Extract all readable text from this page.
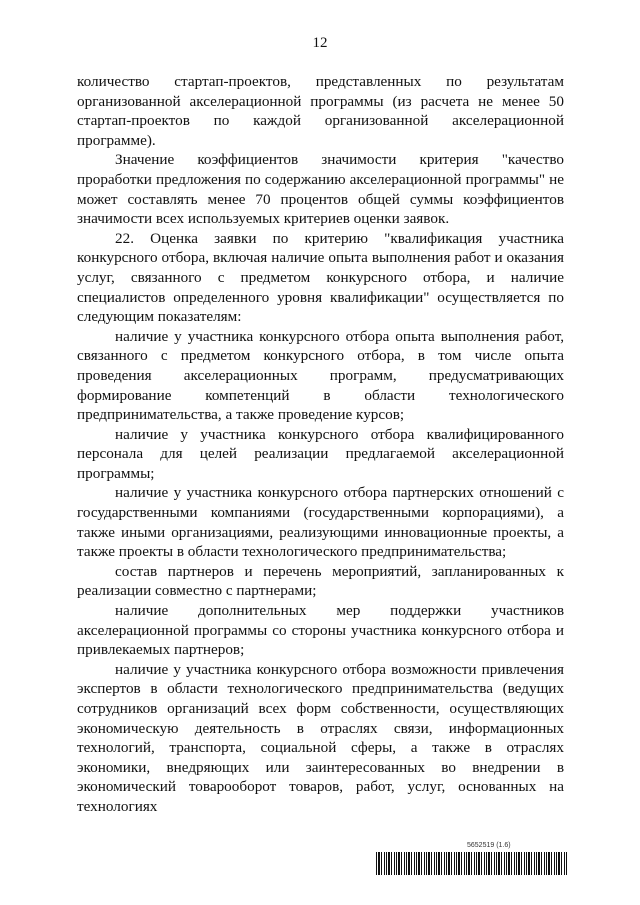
12

количество стартап-проектов, представленных по результатам организованной акселерационной программы (из расчета не менее 50 стартап-проектов по каждой организованной акселерационной программе).

Значение коэффициентов значимости критерия "качество проработки предложения по содержанию акселерационной программы" не может составлять менее 70 процентов общей суммы коэффициентов значимости всех используемых критериев оценки заявок.

22. Оценка заявки по критерию "квалификация участника конкурсного отбора, включая наличие опыта выполнения работ и оказания услуг, связанного с предметом конкурсного отбора, и наличие специалистов определенного уровня квалификации" осуществляется по следующим показателям:

наличие у участника конкурсного отбора опыта выполнения работ, связанного с предметом конкурсного отбора, в том числе опыта проведения акселерационных программ, предусматривающих формирование компетенций в области технологического предпринимательства, а также проведение курсов;

наличие у участника конкурсного отбора квалифицированного персонала для целей реализации предлагаемой акселерационной программы;

наличие у участника конкурсного отбора партнерских отношений с государственными компаниями (государственными корпорациями), а также иными организациями, реализующими инновационные проекты, а также проекты в области технологического предпринимательства;

состав партнеров и перечень мероприятий, запланированных к реализации совместно с партнерами;

наличие дополнительных мер поддержки участников акселерационной программы со стороны участника конкурсного отбора и привлекаемых партнеров;

наличие у участника конкурсного отбора возможности привлечения экспертов в области технологического предпринимательства (ведущих сотрудников организаций всех форм собственности, осуществляющих экономическую деятельность в отраслях связи, информационных технологий, транспорта, социальной сферы, а также в отраслях экономики, внедряющих или заинтересованных во внедрении в экономический товарооборот товаров, работ, услуг, основанных на технологиях

5652519 (1.6)
